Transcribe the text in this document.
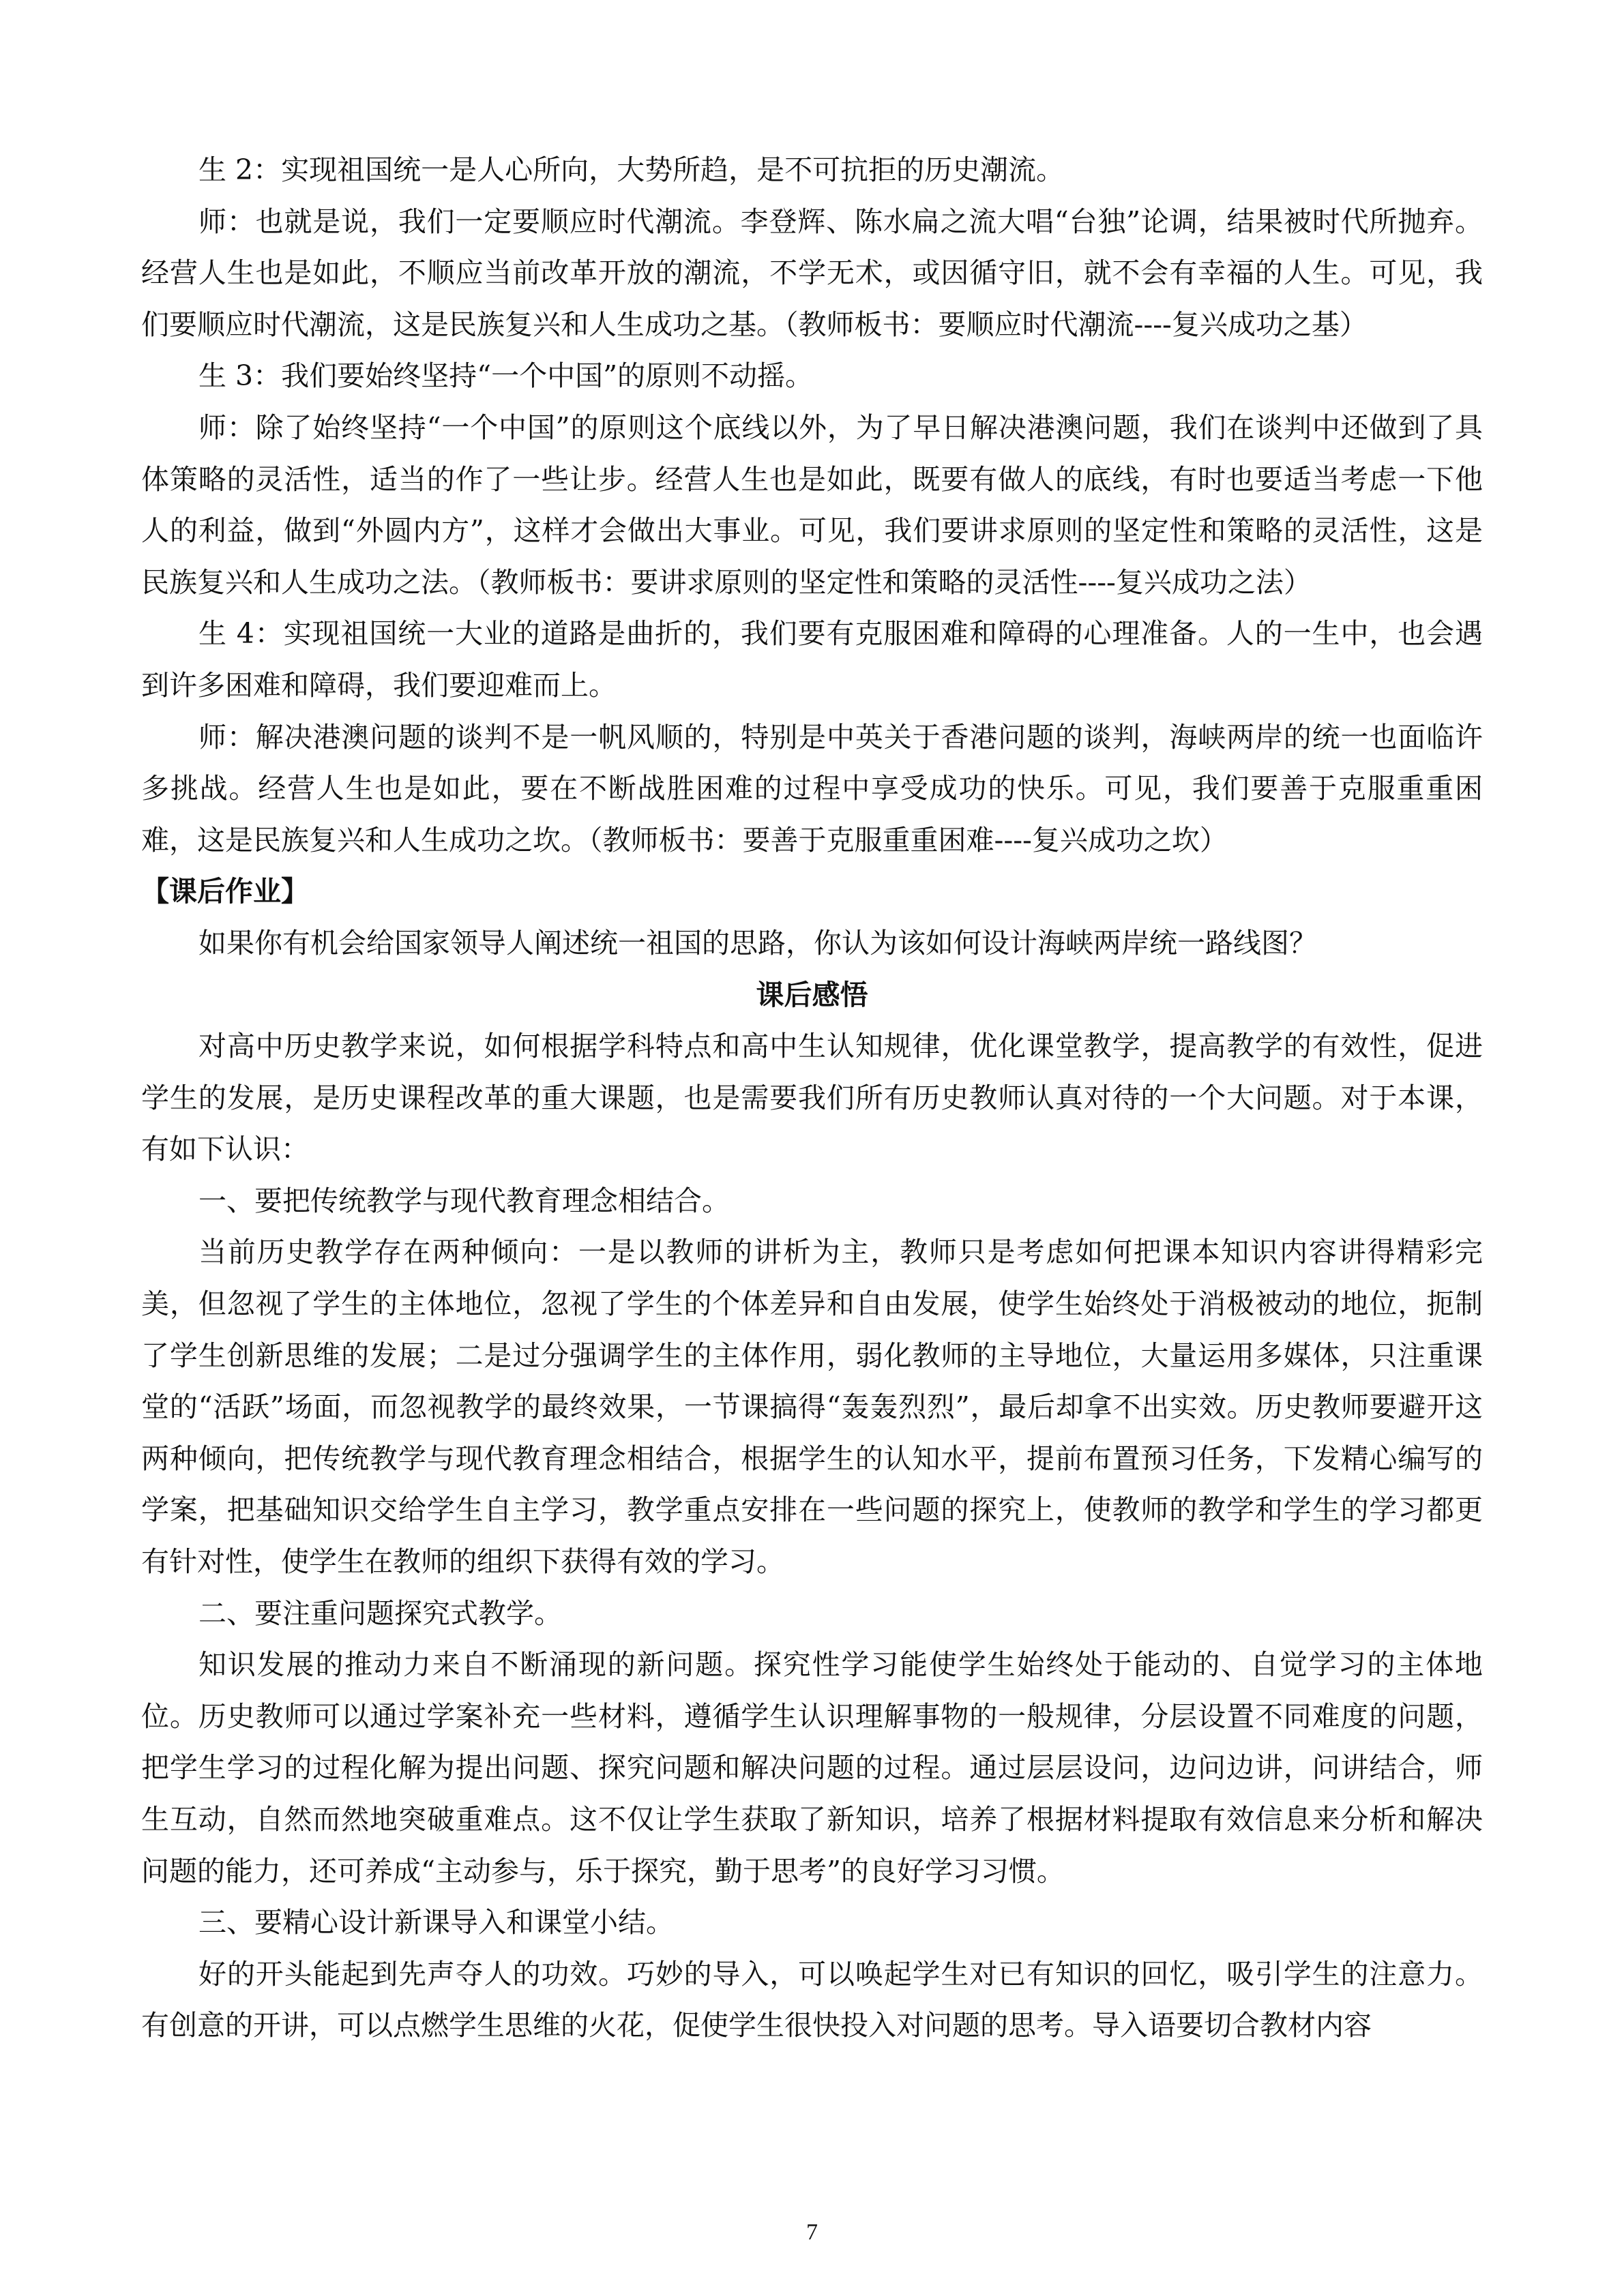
生 2：实现祖国统一是人心所向，大势所趋，是不可抗拒的历史潮流。

师：也就是说，我们一定要顺应时代潮流。李登辉、陈水扁之流大唱“台独”论调，结果被时代所抛弃。经营人生也是如此，不顺应当前改革开放的潮流，不学无术，或因循守旧，就不会有幸福的人生。可见，我们要顺应时代潮流，这是民族复兴和人生成功之基。（教师板书：要顺应时代潮流----复兴成功之基）

生 3：我们要始终坚持“一个中国”的原则不动摇。

师：除了始终坚持“一个中国”的原则这个底线以外，为了早日解决港澳问题，我们在谈判中还做到了具体策略的灵活性，适当的作了一些让步。经营人生也是如此，既要有做人的底线，有时也要适当考虑一下他人的利益，做到“外圆内方”，这样才会做出大事业。可见，我们要讲求原则的坚定性和策略的灵活性，这是民族复兴和人生成功之法。（教师板书：要讲求原则的坚定性和策略的灵活性----复兴成功之法）

生 4：实现祖国统一大业的道路是曲折的，我们要有克服困难和障碍的心理准备。人的一生中，也会遇到许多困难和障碍，我们要迎难而上。

师：解决港澳问题的谈判不是一帆风顺的，特别是中英关于香港问题的谈判，海峡两岸的统一也面临许多挑战。经营人生也是如此，要在不断战胜困难的过程中享受成功的快乐。可见，我们要善于克服重重困难，这是民族复兴和人生成功之坎。（教师板书：要善于克服重重困难----复兴成功之坎）

【课后作业】

如果你有机会给国家领导人阐述统一祖国的思路，你认为该如何设计海峡两岸统一路线图？

课后感悟

对高中历史教学来说，如何根据学科特点和高中生认知规律，优化课堂教学，提高教学的有效性，促进学生的发展，是历史课程改革的重大课题，也是需要我们所有历史教师认真对待的一个大问题。对于本课，有如下认识：

一、要把传统教学与现代教育理念相结合。

当前历史教学存在两种倾向：一是以教师的讲析为主，教师只是考虑如何把课本知识内容讲得精彩完美，但忽视了学生的主体地位，忽视了学生的个体差异和自由发展，使学生始终处于消极被动的地位，扼制了学生创新思维的发展；二是过分强调学生的主体作用，弱化教师的主导地位，大量运用多媒体，只注重课堂的“活跃”场面，而忽视教学的最终效果，一节课搞得“轰轰烈烈”，最后却拿不出实效。历史教师要避开这两种倾向，把传统教学与现代教育理念相结合，根据学生的认知水平，提前布置预习任务，下发精心编写的学案，把基础知识交给学生自主学习，教学重点安排在一些问题的探究上，使教师的教学和学生的学习都更有针对性，使学生在教师的组织下获得有效的学习。

二、要注重问题探究式教学。

知识发展的推动力来自不断涌现的新问题。探究性学习能使学生始终处于能动的、自觉学习的主体地位。历史教师可以通过学案补充一些材料，遵循学生认识理解事物的一般规律，分层设置不同难度的问题，把学生学习的过程化解为提出问题、探究问题和解决问题的过程。通过层层设问，边问边讲，问讲结合，师生互动，自然而然地突破重难点。这不仅让学生获取了新知识，培养了根据材料提取有效信息来分析和解决问题的能力，还可养成“主动参与，乐于探究，勤于思考”的良好学习习惯。

三、要精心设计新课导入和课堂小结。

好的开头能起到先声夺人的功效。巧妙的导入，可以唤起学生对已有知识的回忆，吸引学生的注意力。有创意的开讲，可以点燃学生思维的火花，促使学生很快投入对问题的思考。导入语要切合教材内容

7
